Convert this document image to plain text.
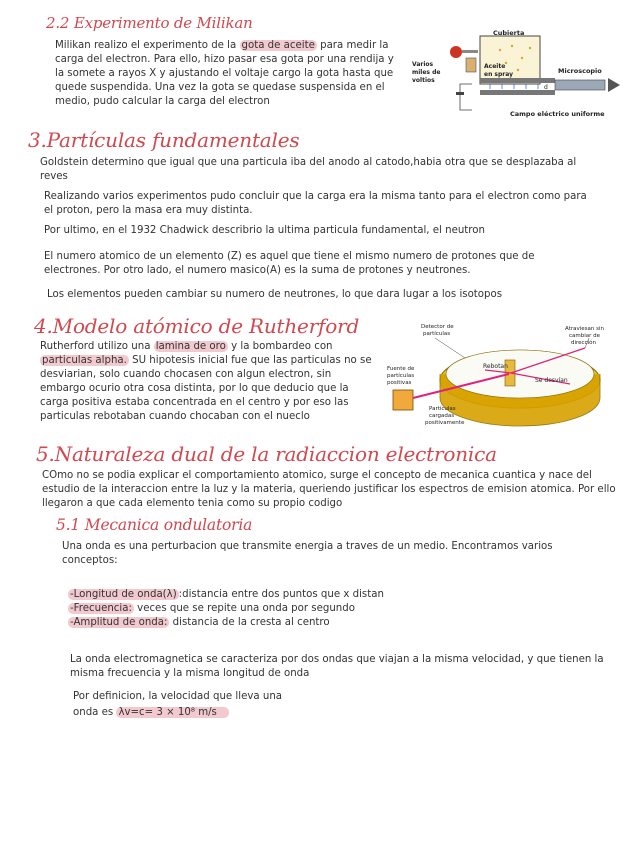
2.2 Experimento de Milikan
Milikan realizo el experimento de la gota de aceite para medir la carga del electron. Para ello, hizo pasar esa gota por una rendija y la somete a rayos X y ajustando el voltaje cargo la gota hasta que quede suspendida. Una vez la gota se quedase suspensida en el medio, pudo calcular la carga del electron
Cubierta
Varios
miles de
voltios
Aceite
en spray	Microscopio
d
Campo eléctrico uniforme
3.Partículas fundamentales
Goldstein determino que igual que una particula iba del anodo al catodo,habia otra que se desplazaba al reves
Realizando varios experimentos pudo concluir que la carga era la misma tanto para el electron como para el proton, pero la masa era muy distinta.
Por ultimo, en el 1932 Chadwick describrio la ultima particula fundamental, el neutron
El numero atomico de un elemento (Z) es aquel que tiene el mismo numero de protones que de electrones. Por otro lado, el numero masico(A) es la suma de protones y neutrones.
Los elementos pueden cambiar su numero de neutrones, lo que dara lugar a los isotopos
4.Modelo atómico de Rutherford
Rutherford utilizo una lamina de oro y la bombardeo con particulas alpha. SU hipotesis inicial fue que las particulas no se desviarian, solo cuando chocasen con algun electron, sin embargo ocurio otra cosa distinta, por lo que deducio que la carga positiva estaba concentrada en el centro y por eso las particulas rebotaban cuando chocaban con el nueclo
Detector de
partículas
Atraviesan sin
cambiar de
dirección
Fuente de
partículas
positivas
Rebotan
Se desvían
Partículas
cargadas
positivamente
5.Naturaleza dual de la radiaccion electronica
COmo no se podia explicar el comportamiento atomico, surge el concepto de mecanica cuantica y nace del estudio de la interaccion entre la luz y la materia, queriendo justificar los espectros de emision atomica. Por ello llegaron a que cada elemento tenia como su propio codigo
5.1 Mecanica ondulatoria
Una onda es una perturbacion que transmite energia a traves de un medio. Encontramos varios conceptos:
-Longitud de onda(λ) :distancia entre dos puntos que x distan
-Frecuencia: veces que se repite una onda por segundo
-Amplitud de onda: distancia de la cresta al centro
La onda electromagnetica se caracteriza por dos ondas que viajan a la misma velocidad, y que tienen la misma frecuencia y la misma longitud de onda
Por definicion, la velocidad que lleva una
onda es λv=c= 3 × 10⁸ m/s
